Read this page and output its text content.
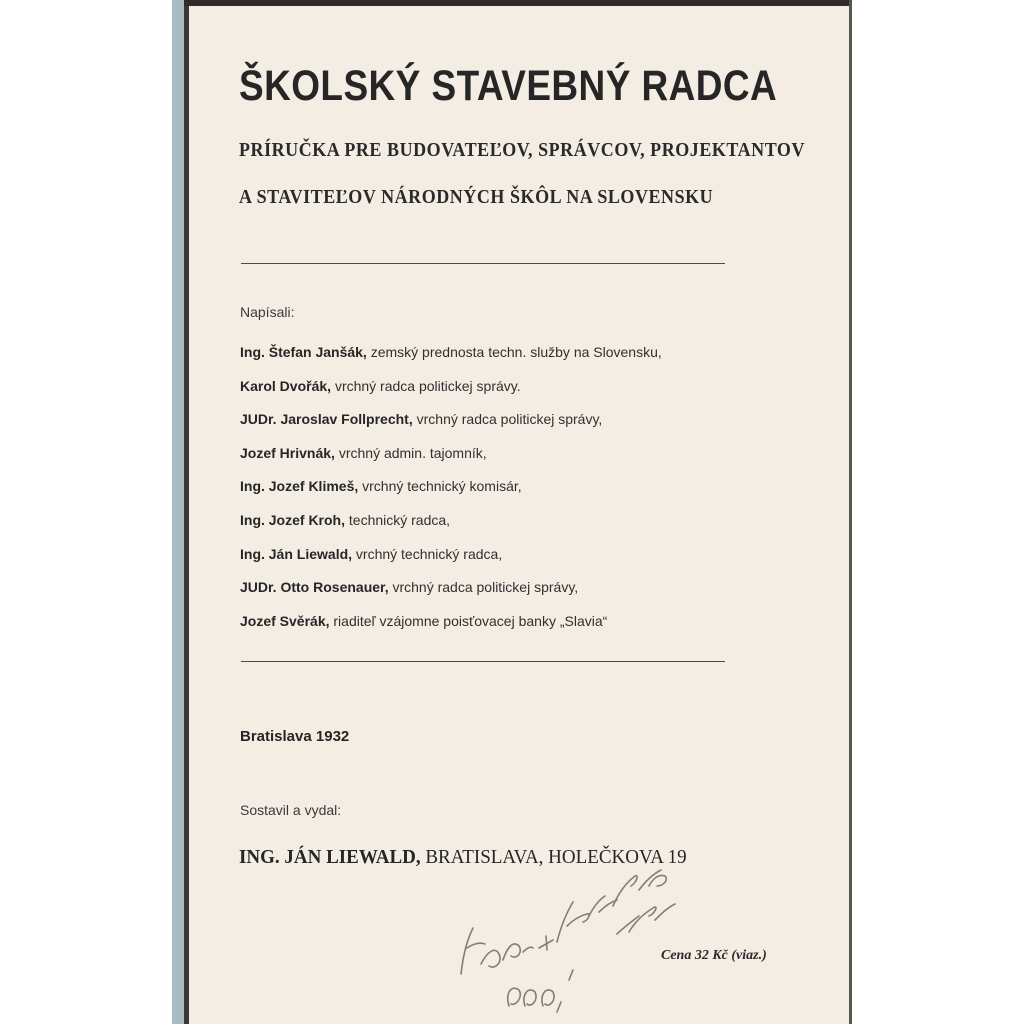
ŠKOLSKÝ STAVEBNÝ RADCA
PRÍRUČKA PRE BUDOVATEĽOV, SPRÁVCOV, PROJEKTANTOV
A STAVITEĽOV NÁRODNÝCH ŠKÔL NA SLOVENSKU
Napísali:
Ing. Štefan Janšák, zemský prednosta techn. služby na Slovensku,
Karol Dvořák, vrchný radca politickej správy.
JUDr. Jaroslav Follprecht, vrchný radca politickej správy,
Jozef Hrivnák, vrchný admin. tajomník,
Ing. Jozef Klimeš, vrchný technický komisár,
Ing. Jozef Kroh, technický radca,
Ing. Ján Liewald, vrchný technický radca,
JUDr. Otto Rosenauer, vrchný radca politickej správy,
Jozef Svěrák, riaditeľ vzájomne poisťovacej banky „Slavia“
Bratislava 1932
Sostavil a vydal:
ING. JÁN LIEWALD, BRATISLAVA, HOLEČKOVA 19
Cena 32 Kč (viaz.)
